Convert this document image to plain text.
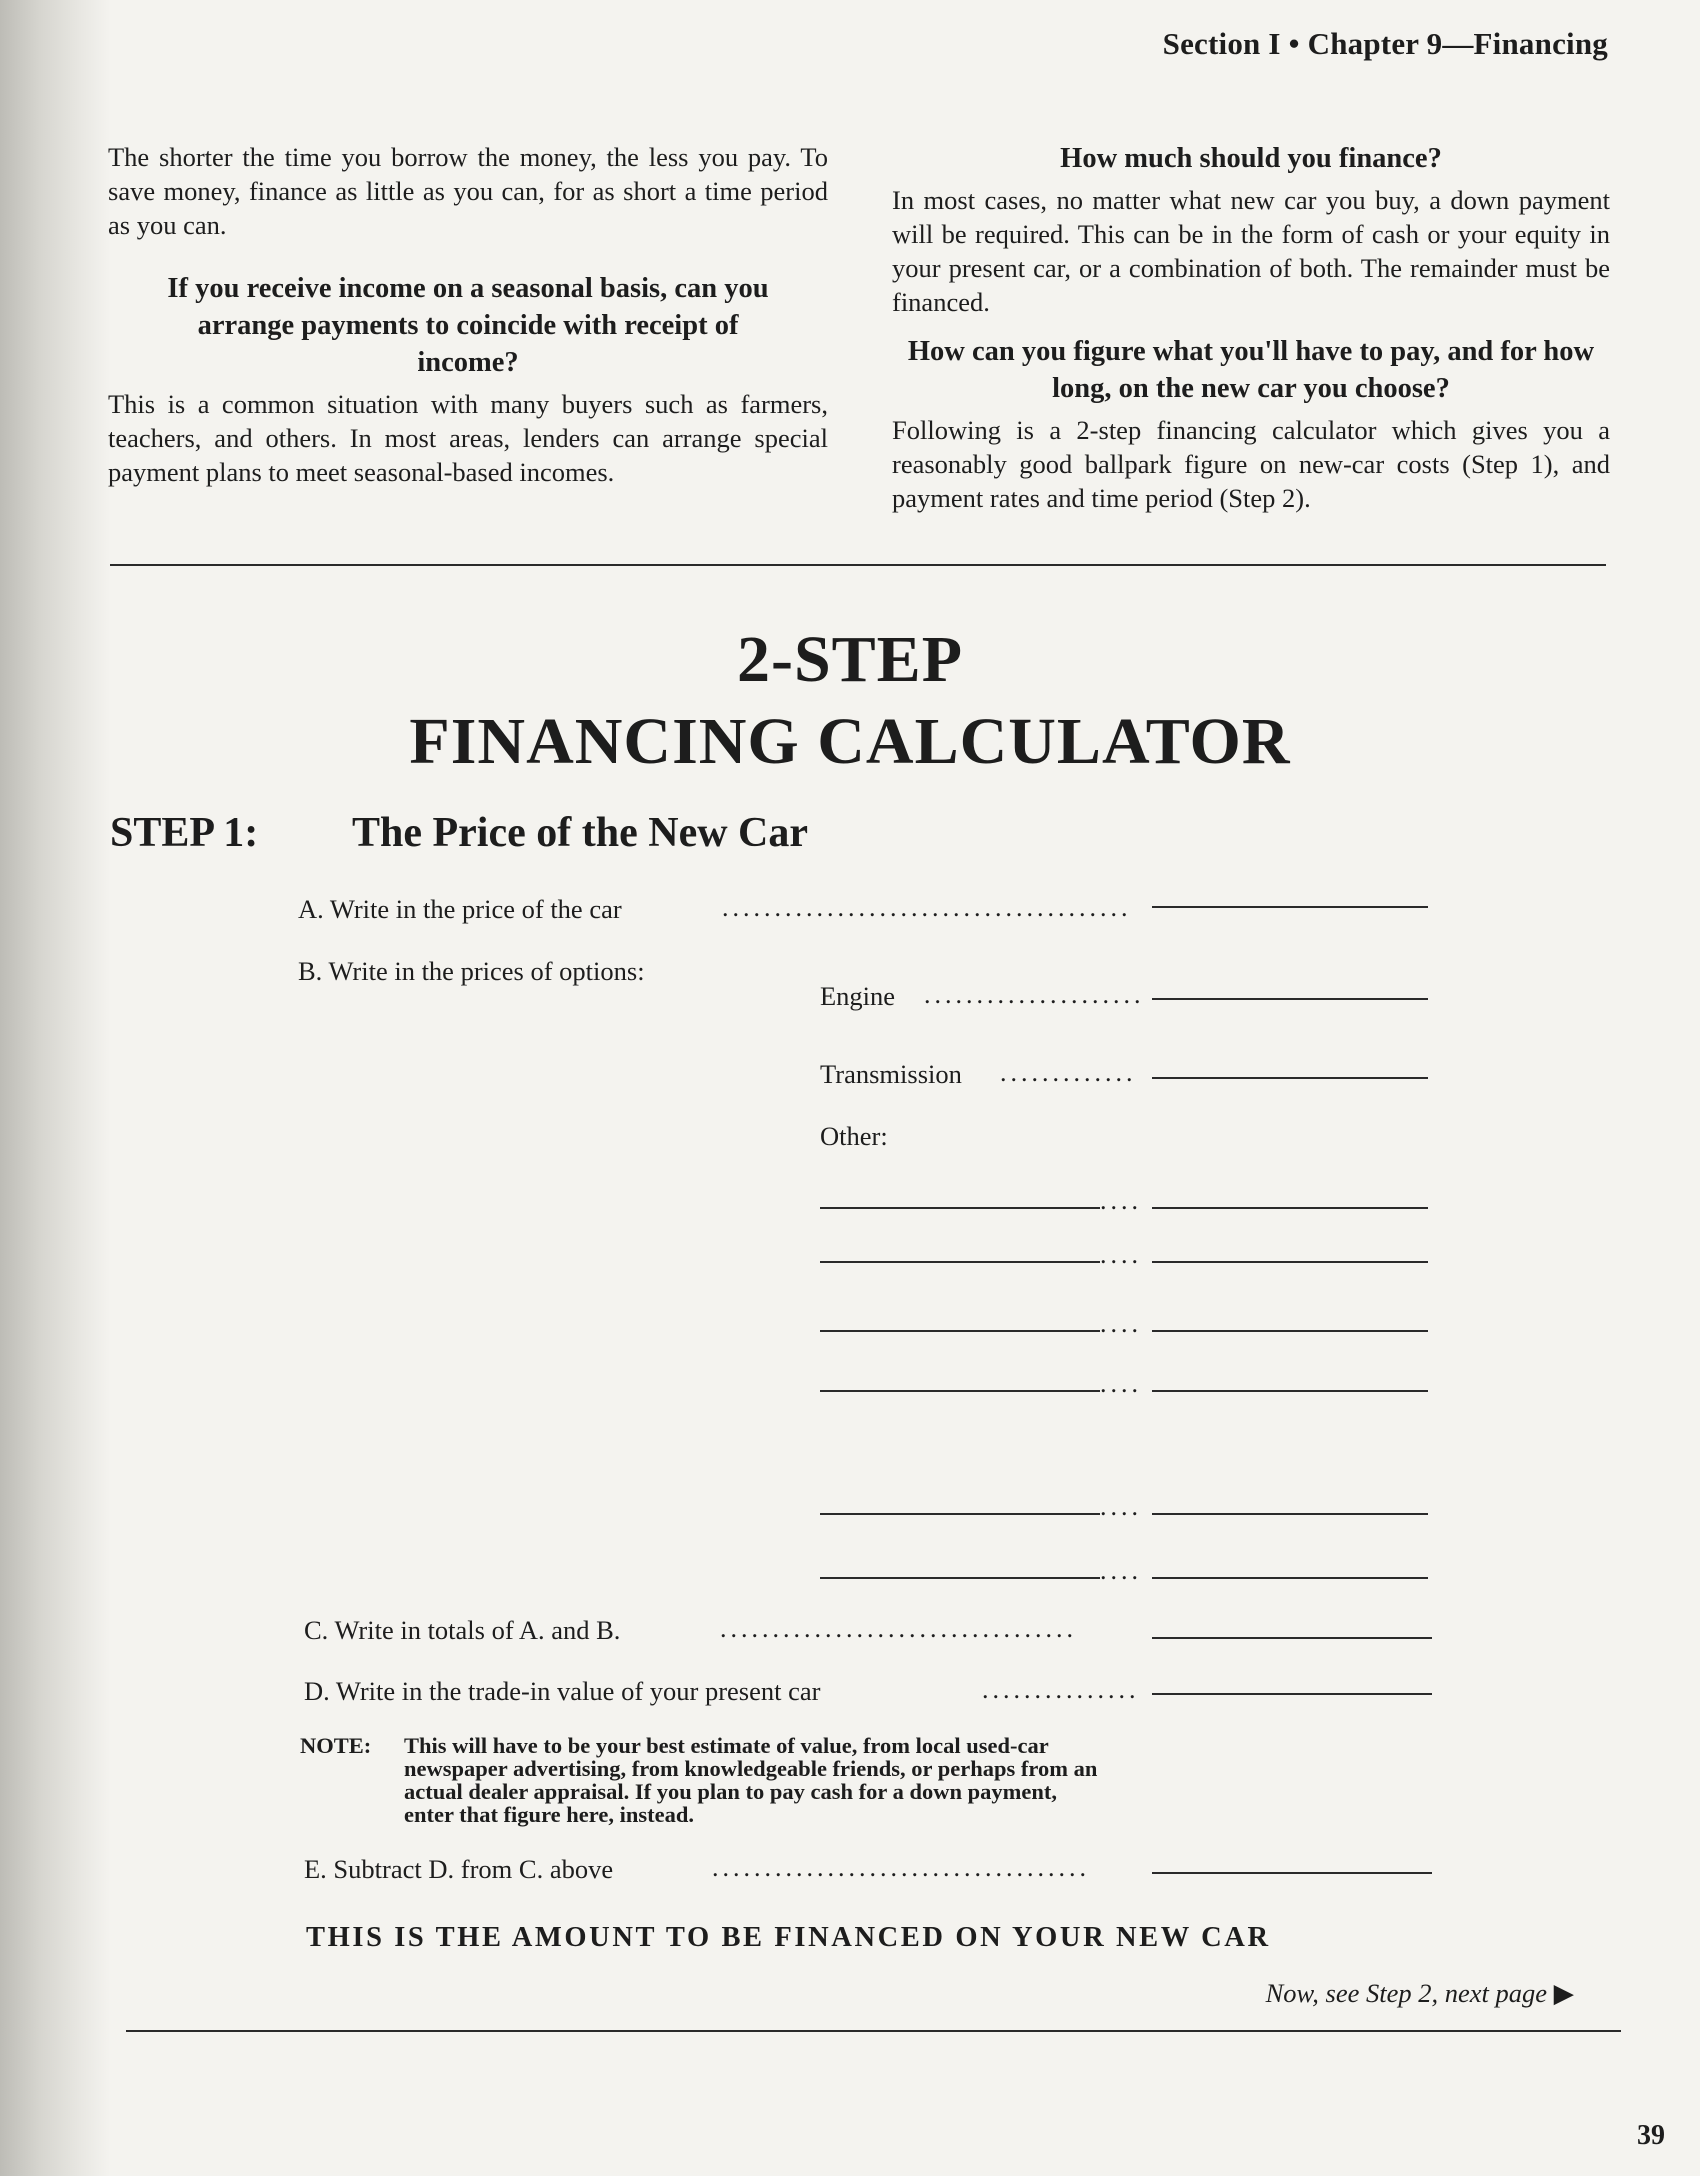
Section I • Chapter 9—Financing

The shorter the time you borrow the money, the less you pay. To save money, finance as little as you can, for as short a time period as you can.

If you receive income on a seasonal basis, can you arrange payments to coincide with receipt of income?

This is a common situation with many buyers such as farmers, teachers, and others. In most areas, lenders can arrange special payment plans to meet seasonal-based incomes.

How much should you finance?

In most cases, no matter what new car you buy, a down payment will be required. This can be in the form of cash or your equity in your present car, or a combination of both. The remainder must be financed.

How can you figure what you'll have to pay, and for how long, on the new car you choose?

Following is a 2-step financing calculator which gives you a reasonably good ballpark figure on new-car costs (Step 1), and payment rates and time period (Step 2).

2-STEP
FINANCING CALCULATOR
STEP 1: The Price of the New Car
A. Write in the price of the car	.......................................
B. Write in the prices of options:
Engine .....................
Transmission .............
Other:
....
....
....
....
....
....
C. Write in totals of A. and B.	..................................
D. Write in the trade-in value of your present car	...............
NOTE: This will have to be your best estimate of value, from local used-car newspaper advertising, from knowledgeable friends, or perhaps from an actual dealer appraisal. If you plan to pay cash for a down payment, enter that figure here, instead.
E. Subtract D. from C. above	....................................
THIS IS THE AMOUNT TO BE FINANCED ON YOUR NEW CAR
Now, see Step 2, next page ▶
39
